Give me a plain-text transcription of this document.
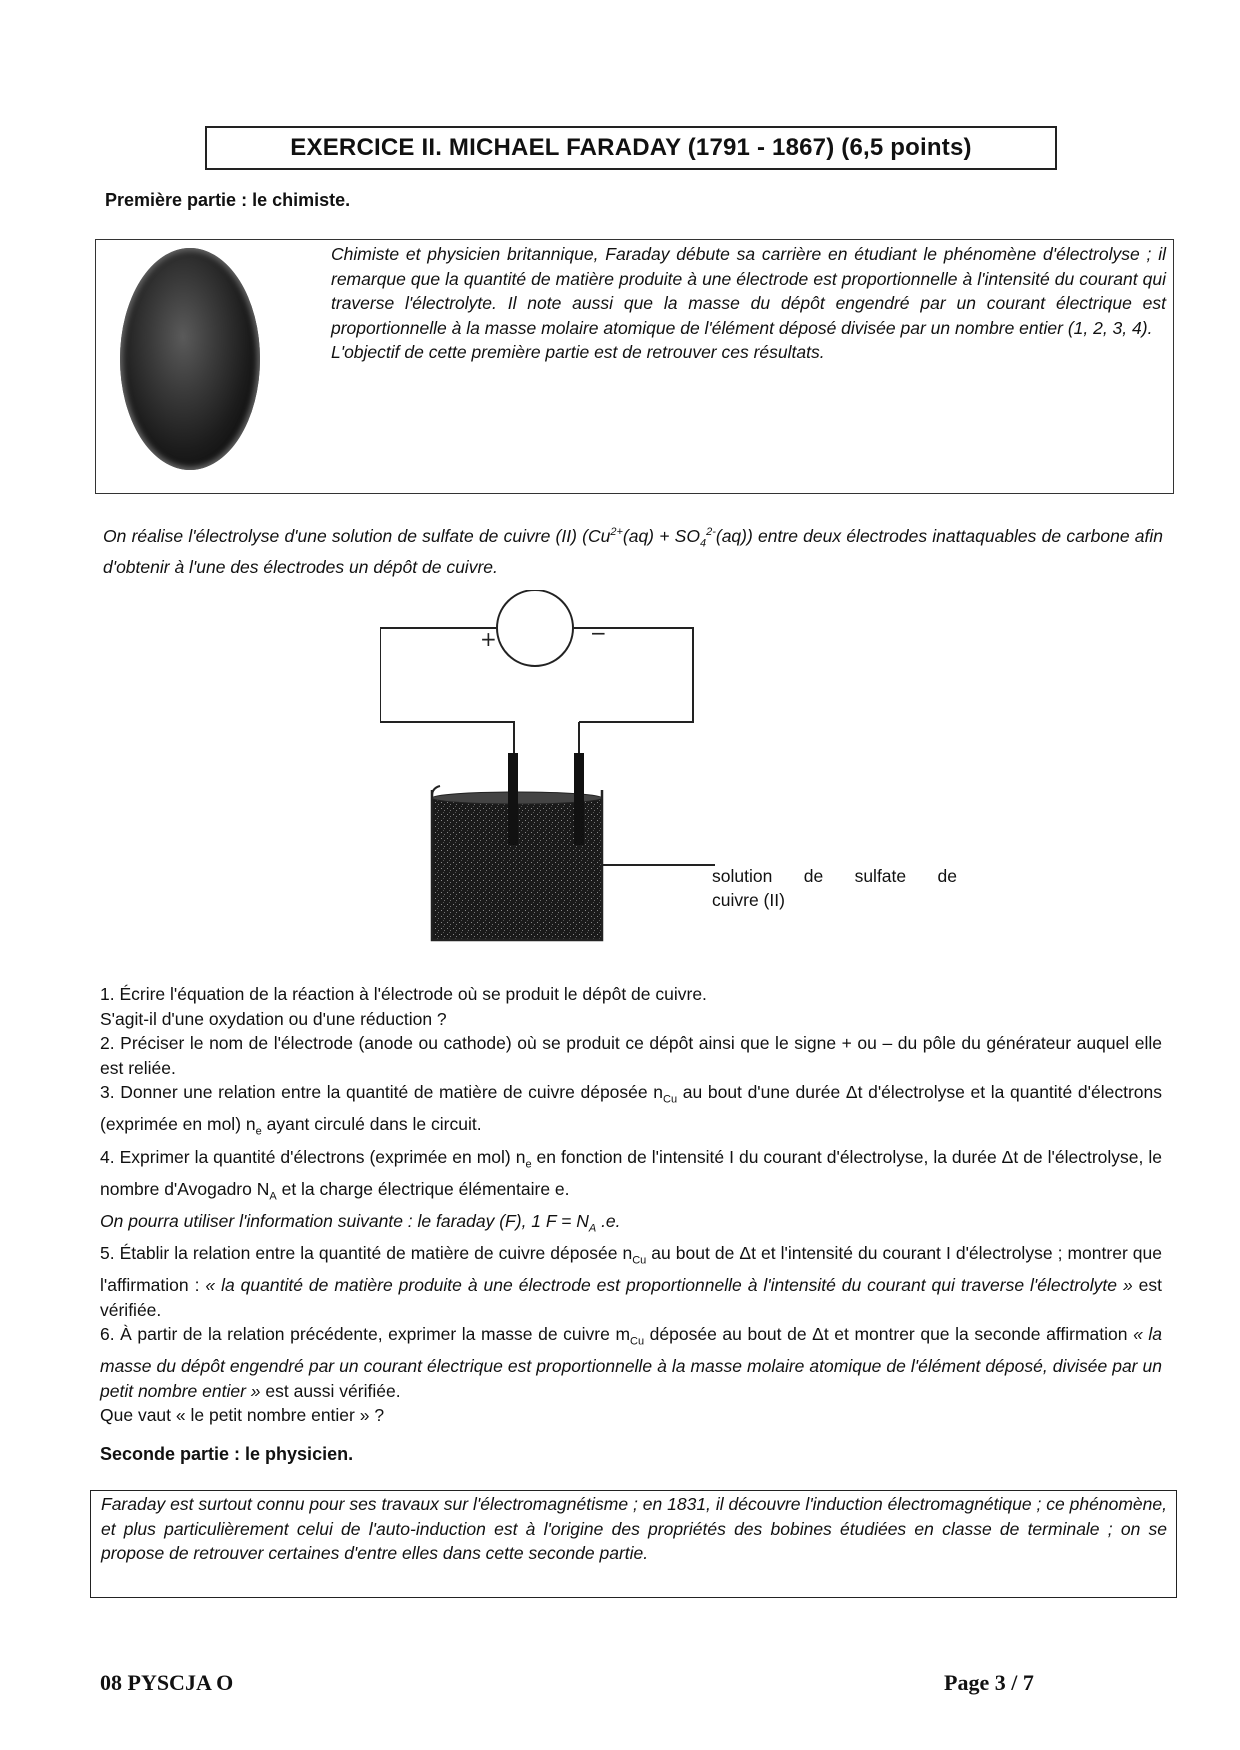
EXERCICE II. MICHAEL FARADAY (1791 - 1867) (6,5 points)
Première partie : le chimiste.

Chimiste et physicien britannique, Faraday débute sa carrière en étudiant le phénomène d'électrolyse ; il remarque que la quantité de matière produite à une électrode est proportionnelle à l'intensité du courant qui traverse l'électrolyte. Il note aussi que la masse du dépôt engendré par un courant électrique est proportionnelle à la masse molaire atomique de l'élément déposé divisée par un nombre entier (1, 2, 3, 4).

L'objectif de cette première partie est de retrouver ces résultats.

On réalise l'électrolyse d'une solution de sulfate de cuivre (II) $(Cu^{2+}(aq) + SO_4^{2-}(aq))$ entre deux électrodes inattaquables de carbone afin d'obtenir à l'une des électrodes un dépôt de cuivre.
+	−
solution de sulfate de
cuivre (II)

1. Écrire l'équation de la réaction à l'électrode où se produit le dépôt de cuivre.

S'agit-il d'une oxydation ou d'une réduction ?

2. Préciser le nom de l'électrode (anode ou cathode) où se produit ce dépôt ainsi que le signe + ou – du pôle du générateur auquel elle est reliée.

3. Donner une relation entre la quantité de matière de cuivre déposée $n_{Cu}$ au bout d'une durée Δt d'électrolyse et la quantité d'électrons (exprimée en mol) $n_e$ ayant circulé dans le circuit.

4. Exprimer la quantité d'électrons (exprimée en mol) $n_e$ en fonction de l'intensité I du courant d'électrolyse, la durée Δt de l'électrolyse, le nombre d'Avogadro $N_A$ et la charge électrique élémentaire e.

On pourra utiliser l'information suivante : le faraday (F), 1 $F = N_A$ .e.

5. Établir la relation entre la quantité de matière de cuivre déposée $n_{Cu}$ au bout de Δt et l'intensité du courant I d'électrolyse ; montrer que l'affirmation : « la quantité de matière produite à une électrode est proportionnelle à l'intensité du courant qui traverse l'électrolyte » est vérifiée.

6. À partir de la relation précédente, exprimer la masse de cuivre $m_{Cu}$ déposée au bout de Δt et montrer que la seconde affirmation « la masse du dépôt engendré par un courant électrique est proportionnelle à la masse molaire atomique de l'élément déposé, divisée par un petit nombre entier » est aussi vérifiée.

Que vaut « le petit nombre entier » ?

Seconde partie : le physicien.
Faraday est surtout connu pour ses travaux sur l'électromagnétisme ; en 1831, il découvre l'induction électromagnétique ; ce phénomène, et plus particulièrement celui de l'auto-induction est à l'origine des propriétés des bobines étudiées en classe de terminale ; on se propose de retrouver certaines d'entre elles dans cette seconde partie.
08 PYSCJA O	Page 3 / 7
